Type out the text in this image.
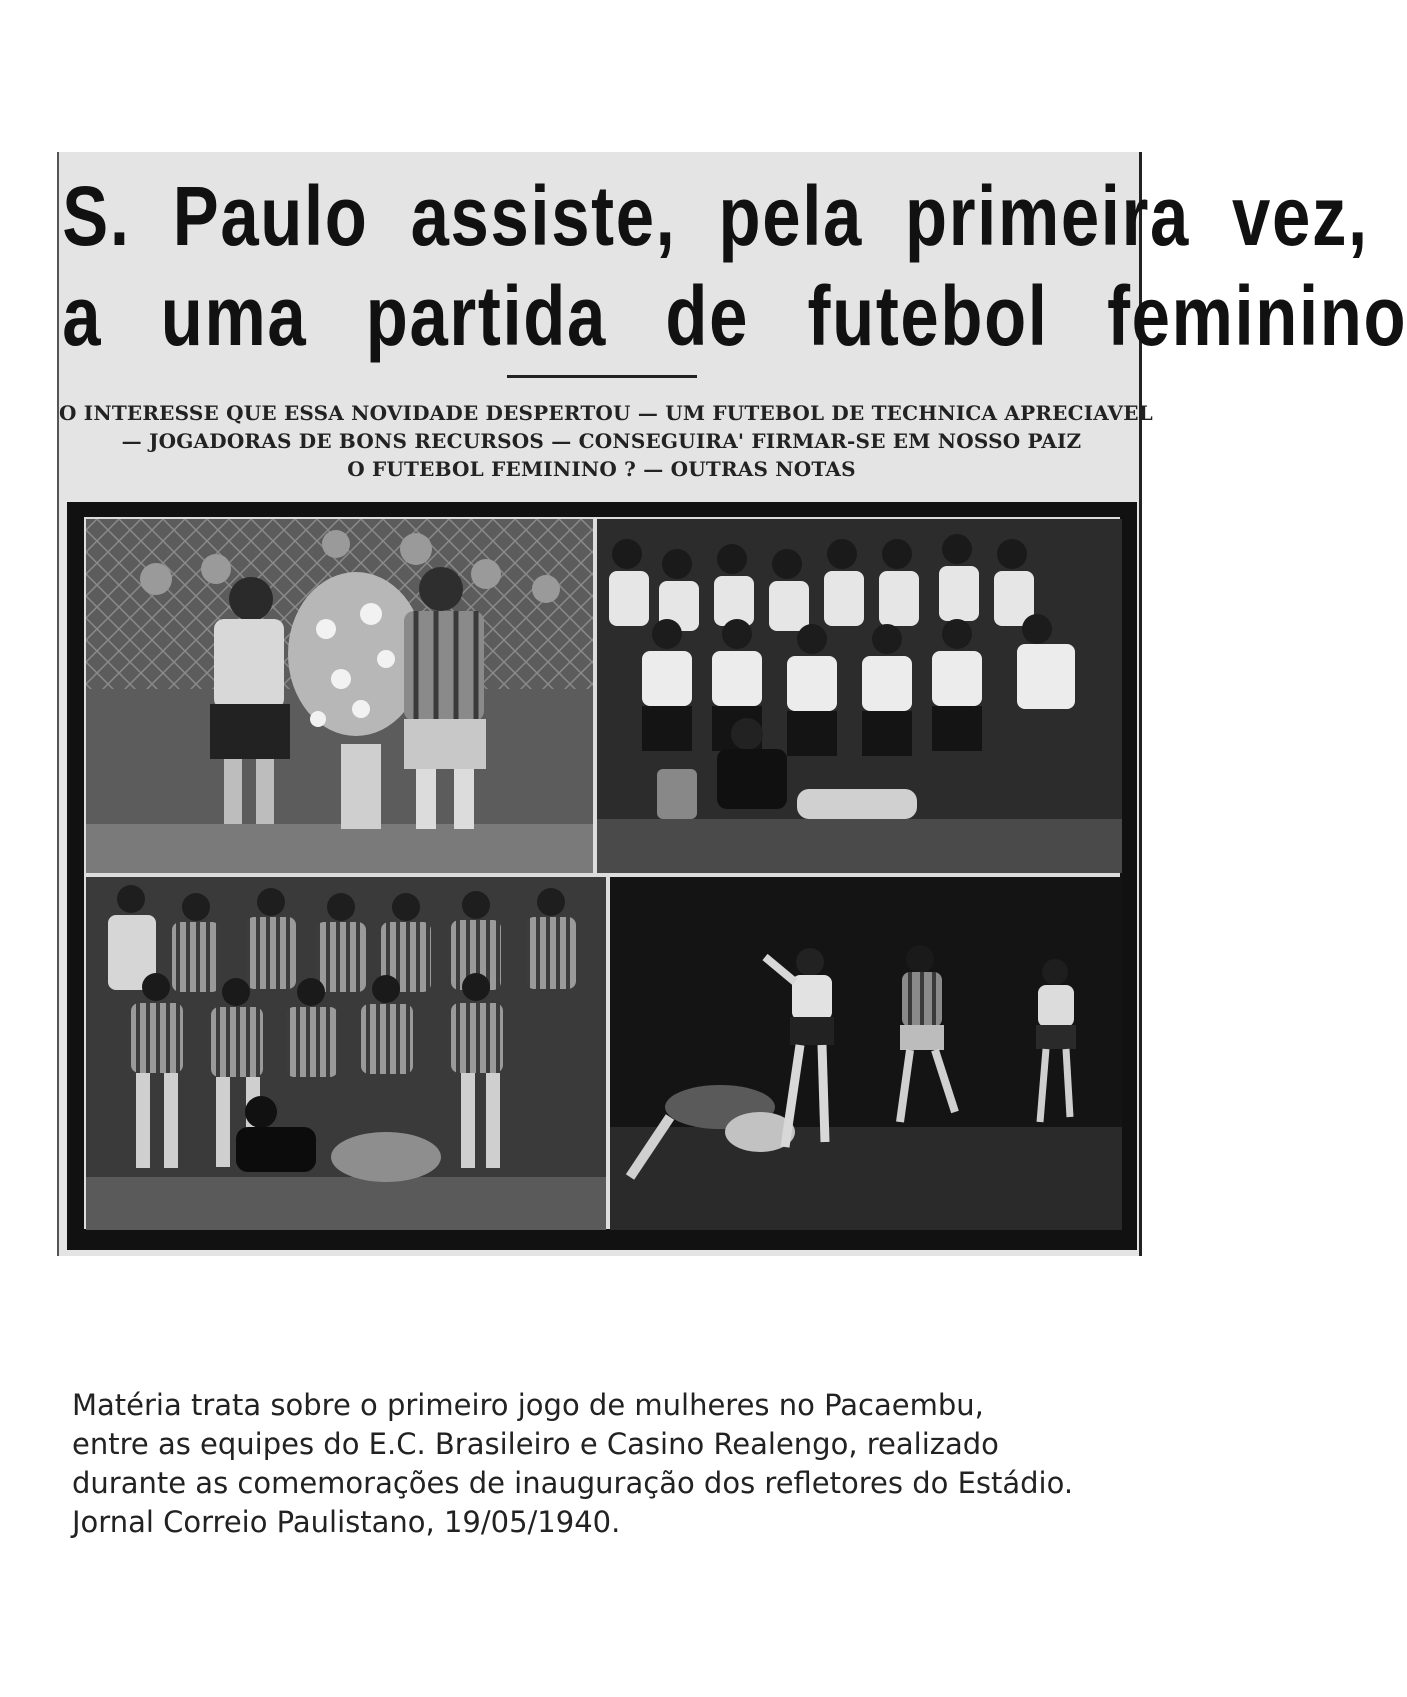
S. Paulo assiste, pela primeira vez,
a uma partida de futebol feminino
O INTERESSE QUE ESSA NOVIDADE DESPERTOU — UM FUTEBOL DE TECHNICA APRECIAVEL
— JOGADORAS DE BONS RECURSOS — CONSEGUIRA' FIRMAR-SE EM NOSSO PAIZ
O FUTEBOL FEMININO ? — OUTRAS NOTAS
Matéria trata sobre o primeiro jogo de mulheres no Pacaembu,
entre as equipes do E.C. Brasileiro e Casino Realengo, realizado
durante as comemorações de inauguração dos refletores do Estádio.
Jornal Correio Paulistano, 19/05/1940.
